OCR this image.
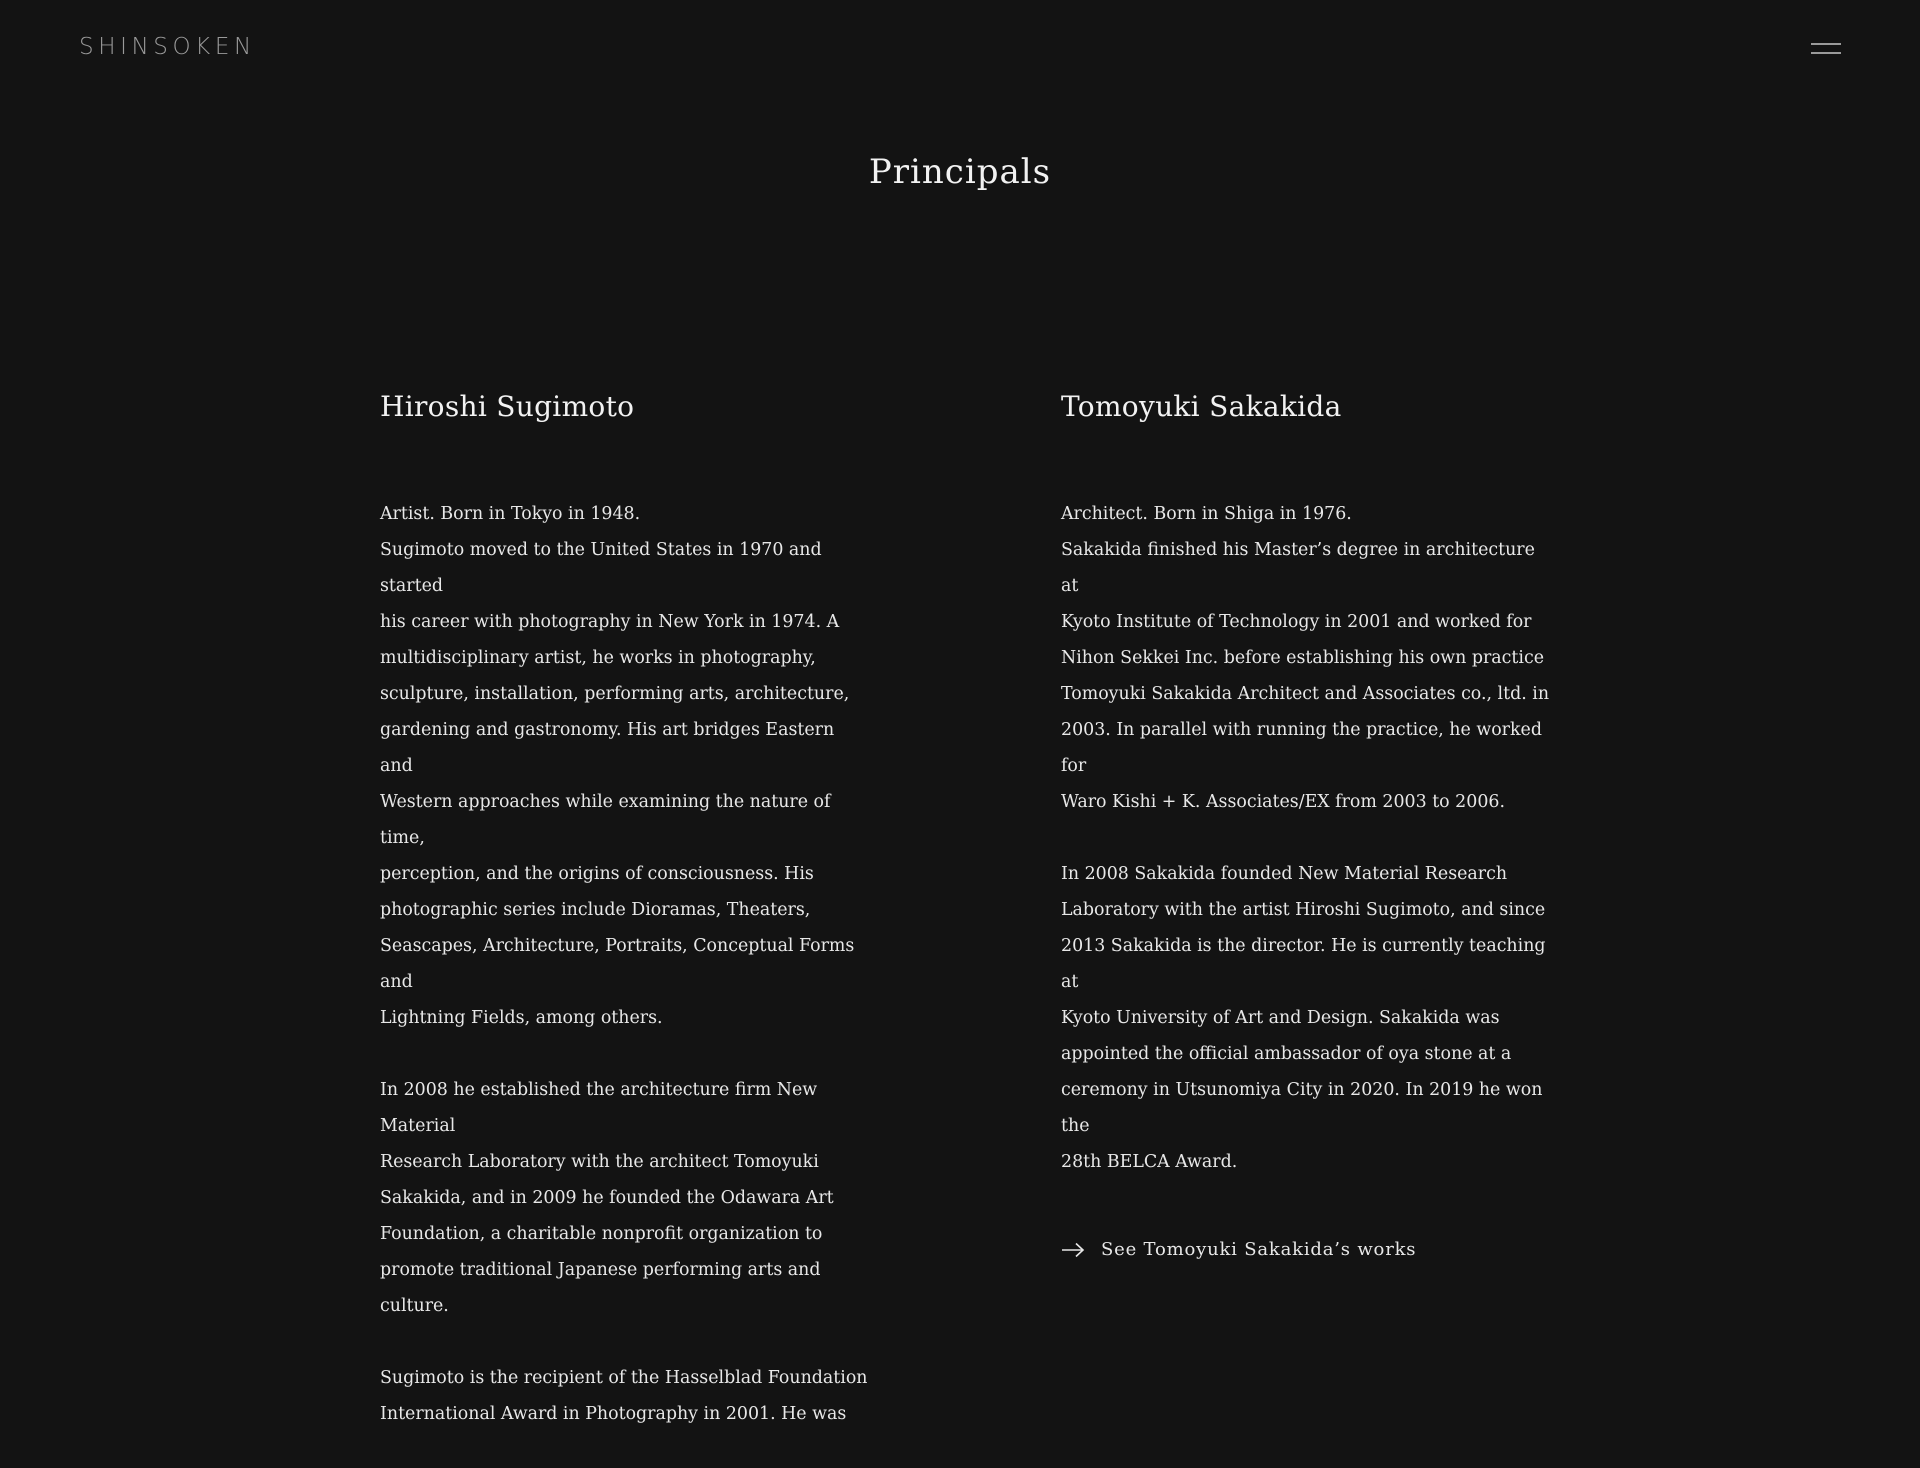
SHINSOKEN
Principals
Hiroshi Sugimoto

Artist. Born in Tokyo in 1948.
Sugimoto moved to the United States in 1970 and started
his career with photography in New York in 1974. A
multidisciplinary artist, he works in photography,
sculpture, installation, performing arts, architecture,
gardening and gastronomy. His art bridges Eastern and
Western approaches while examining the nature of time,
perception, and the origins of consciousness. His
photographic series include Dioramas, Theaters,
Seascapes, Architecture, Portraits, Conceptual Forms and
Lightning Fields, among others.

In 2008 he established the architecture firm New Material
Research Laboratory with the architect Tomoyuki
Sakakida, and in 2009 he founded the Odawara Art
Foundation, a charitable nonprofit organization to
promote traditional Japanese performing arts and culture.

Sugimoto is the recipient of the Hasselblad Foundation
International Award in Photography in 2001. He was

Tomoyuki Sakakida

Architect. Born in Shiga in 1976.
Sakakida finished his Master’s degree in architecture at
Kyoto Institute of Technology in 2001 and worked for
Nihon Sekkei Inc. before establishing his own practice
Tomoyuki Sakakida Architect and Associates co., ltd. in
2003. In parallel with running the practice, he worked for
Waro Kishi + K. Associates/EX from 2003 to 2006.

In 2008 Sakakida founded New Material Research
Laboratory with the artist Hiroshi Sugimoto, and since
2013 Sakakida is the director. He is currently teaching at
Kyoto University of Art and Design. Sakakida was
appointed the official ambassador of oya stone at a
ceremony in Utsunomiya City in 2020. In 2019 he won the
28th BELCA Award.

See Tomoyuki Sakakida’s works
